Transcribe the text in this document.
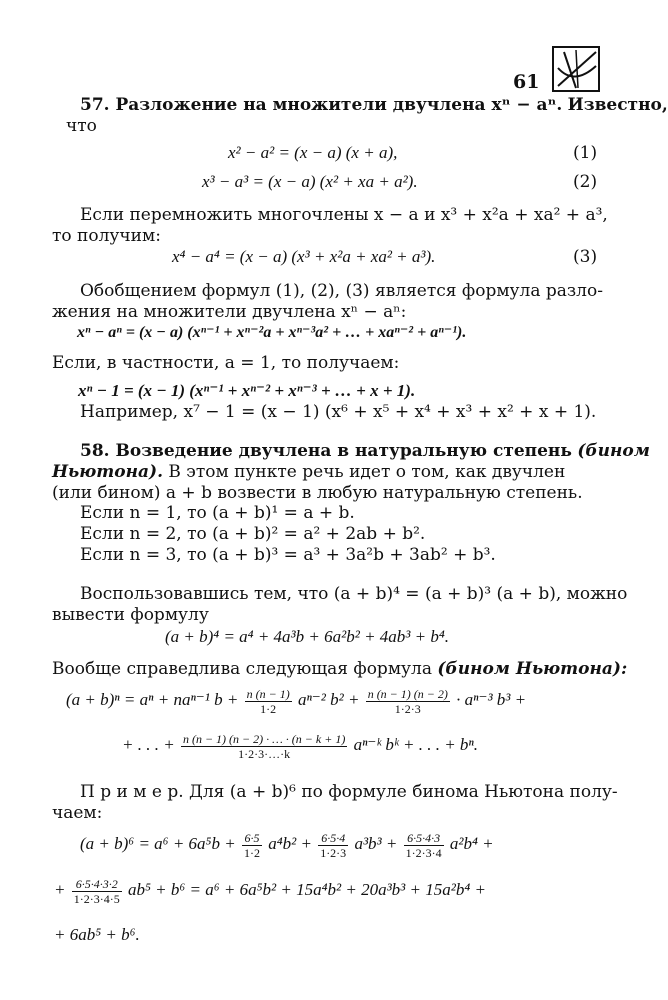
61
57. Разложение на множители двучлена xⁿ − aⁿ. Известно,
что
x² − a² = (x − a) (x + a),	(1)
x³ − a³ = (x − a) (x² + xa + a²).	(2)
Если перемножить многочлены x − a и x³ + x²a + xa² + a³,
то получим:
x⁴ − a⁴ = (x − a) (x³ + x²a + xa² + a³).	(3)
Обобщением формул (1), (2), (3) является формула разло-
жения на множители двучлена xⁿ − aⁿ:
xⁿ − aⁿ = (x − a) (xⁿ⁻¹ + xⁿ⁻²a + xⁿ⁻³a² + … + xaⁿ⁻² + aⁿ⁻¹).
Если, в частности, a = 1, то получаем:
xⁿ − 1 = (x − 1) (xⁿ⁻¹ + xⁿ⁻² + xⁿ⁻³ + … + x + 1).
Например, x⁷ − 1 = (x − 1) (x⁶ + x⁵ + x⁴ + x³ + x² + x + 1).
58. Возведение двучлена в натуральную степень (бином
Ньютона). В этом пункте речь идет о том, как двучлен
(или бином) a + b возвести в любую натуральную степень.
Если n = 1, то (a + b)¹ = a + b.
Если n = 2, то (a + b)² = a² + 2ab + b².
Если n = 3, то (a + b)³ = a³ + 3a²b + 3ab² + b³.
Воспользовавшись тем, что (a + b)⁴ = (a + b)³ (a + b), можно
вывести формулу
(a + b)⁴ = a⁴ + 4a³b + 6a²b² + 4ab³ + b⁴.
Вообще справедлива следующая формула (бином Ньютона):
(a + b)ⁿ = aⁿ + naⁿ⁻¹ $b + \frac{n (n - 1)}{1\cdot 2} a^{n-2}$ $b^2 + \frac{n (n - 1) (n - 2)}{1\cdot 2\cdot 3} \cdot a^{n-3}$ b³ +
+ . . . + $\frac{n (n - 1) (n - 2) \cdot \dots \cdot (n - k + 1)}{1\cdot 2\cdot 3\cdot\dots\cdot k}$ aⁿ⁻ᵏ bᵏ + . . . + bⁿ.
П р и м е р. Для (a + b)⁶ по формуле бинома Ньютона полу-
чаем:
$(a + b)^6 = a^6 + 6a^5b + \frac{6\cdot 5}{1\cdot 2} a^4b^2 + \frac{6\cdot 5\cdot 4}{1\cdot 2\cdot 3} a^3b^3 + \frac{6\cdot 5\cdot 4\cdot 3}{1\cdot 2\cdot 3\cdot 4} a^2b^4$ +
+ $\frac{6\cdot 5\cdot 4\cdot 3\cdot 2}{1\cdot 2\cdot 3\cdot 4\cdot 5} ab^5 + b^6 = a^6 + 6a^5b^2 + 15a^4b^2 + 20a^3b^3 + 15a^2b^4$ +
+ 6ab⁵ + b⁶.
